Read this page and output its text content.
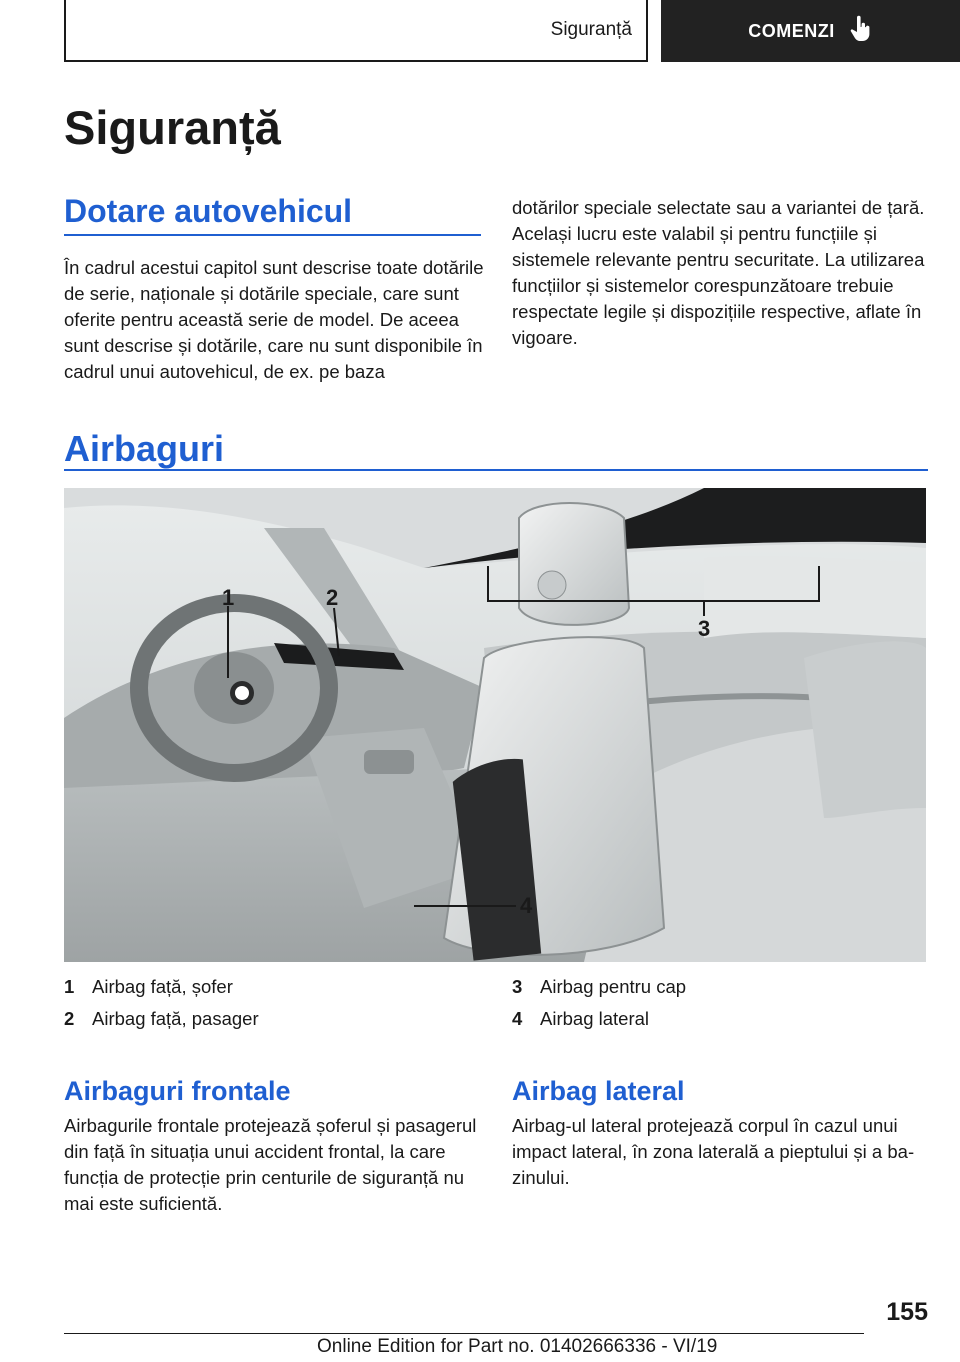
Siguranță	COMENZI
Siguranță
Dotare autovehicul

În cadrul acestui capitol sunt descrise toate dotările de serie, naționale și dotările speciale, care sunt oferite pentru această serie de model. De aceea sunt descrise și dotările, care nu sunt disponibile în cadrul unui autovehicul, de ex. pe baza

dotărilor speciale selectate sau a variantei de țară. Același lucru este valabil și pentru funcțiile și sistemele relevante pentru securitate. La utilizarea funcțiilor și sistemelor corespunzătoare trebuie respectate legile și dispozițiile respective, aflate în vigoare.

Airbaguri
1	2
3
4
1 Airbag față, șofer
2 Airbag față, pasager
3 Airbag pentru cap
4 Airbag lateral
Airbaguri frontale

Airbagurile frontale protejează șoferul și pasagerul din față în situația unui accident frontal, la care funcția de protecție prin centurile de siguranță nu mai este suficientă.

Airbag lateral

Airbag-ul lateral protejează corpul în cazul unui impact lateral, în zona laterală a pieptului și a bazinului.

155
Online Edition for Part no. 01402666336 - VI/19
